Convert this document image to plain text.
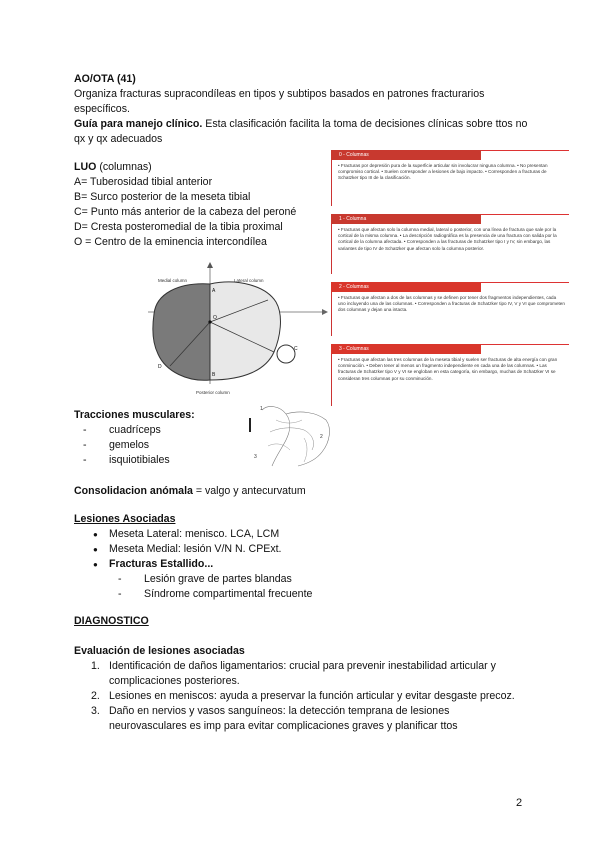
AO/OTA (41)

Organiza fracturas supracondíleas en tipos y subtipos basados en patrones fracturarios específicos.

Guía para manejo clínico. Esta clasificación facilita la toma de decisiones clínicas sobre ttos no qx y qx adecuados

LUO (columnas)

A= Tuberosidad tibial anterior

B= Surco posterior de la meseta tibial

C= Punto más anterior de la cabeza del peroné

D= Cresta posteromedial de la tibia proximal

O = Centro de la eminencia intercondílea

Medial column	Lateral column
Posterior column
A
B
C
D
O
1
2
3
0 - Columnas
• Fracturas por depresión pura de la superficie articular sin involucrar ninguna columna. • No presentan compromiso cortical. • Suelen corresponder a lesiones de bajo impacto. • Corresponden a fracturas de Schatzker tipo III de la clasificación.
1 - Columna
• Fracturas que afectan solo la columna medial, lateral o posterior, con una línea de fractura que sale por la cortical de la misma columna. • La descripción radiográfica es la presencia de una fractura con salida por la cortical de la columna afectada. • Corresponden a las fracturas de Schatzker tipo I y IV, sin embargo, las variantes de tipo IV de Schatzker que afectan solo la columna posterior.
2 - Columnas
• Fracturas que afectan a dos de las columnas y se definen por tener dos fragmentos independientes, cada uno incluyendo una de las columnas. • Corresponden a fracturas de Schatzker tipo IV, V y VI que comprometen dos columnas y dejan una intacta.
3 - Columnas
• Fracturas que afectan las tres columnas de la meseta tibial y suelen ser fracturas de alta energía con gran conminución. • Deben tener al menos un fragmento independiente en cada una de las columnas. • Las fracturas de Schatzker tipo V y VI se engloban en esta categoría, sin embargo, muchas de Schatzker VI se consideran tres columnas por su conminución.

Tracciones musculares:

- cuadríceps
- gemelos
- isquiotibiales

Consolidacion anómala = valgo y antecurvatum

Lesiones Asociadas

● Meseta Lateral: menisco. LCA, LCM
● Meseta Medial: lesión V/N N. CPExt.
● Fracturas Estallido...
- Lesión grave de partes blandas
- Síndrome compartimental frecuente

DIAGNOSTICO

Evaluación de lesiones asociadas

1. Identificación de daños ligamentarios: crucial para prevenir inestabilidad articular y complicaciones posteriores.
2. Lesiones en meniscos: ayuda a preservar la función articular y evitar desgaste precoz.
3. Daño en nervios y vasos sanguíneos: la detección temprana de lesiones neurovasculares es imp para evitar complicaciones graves y planificar ttos
2
